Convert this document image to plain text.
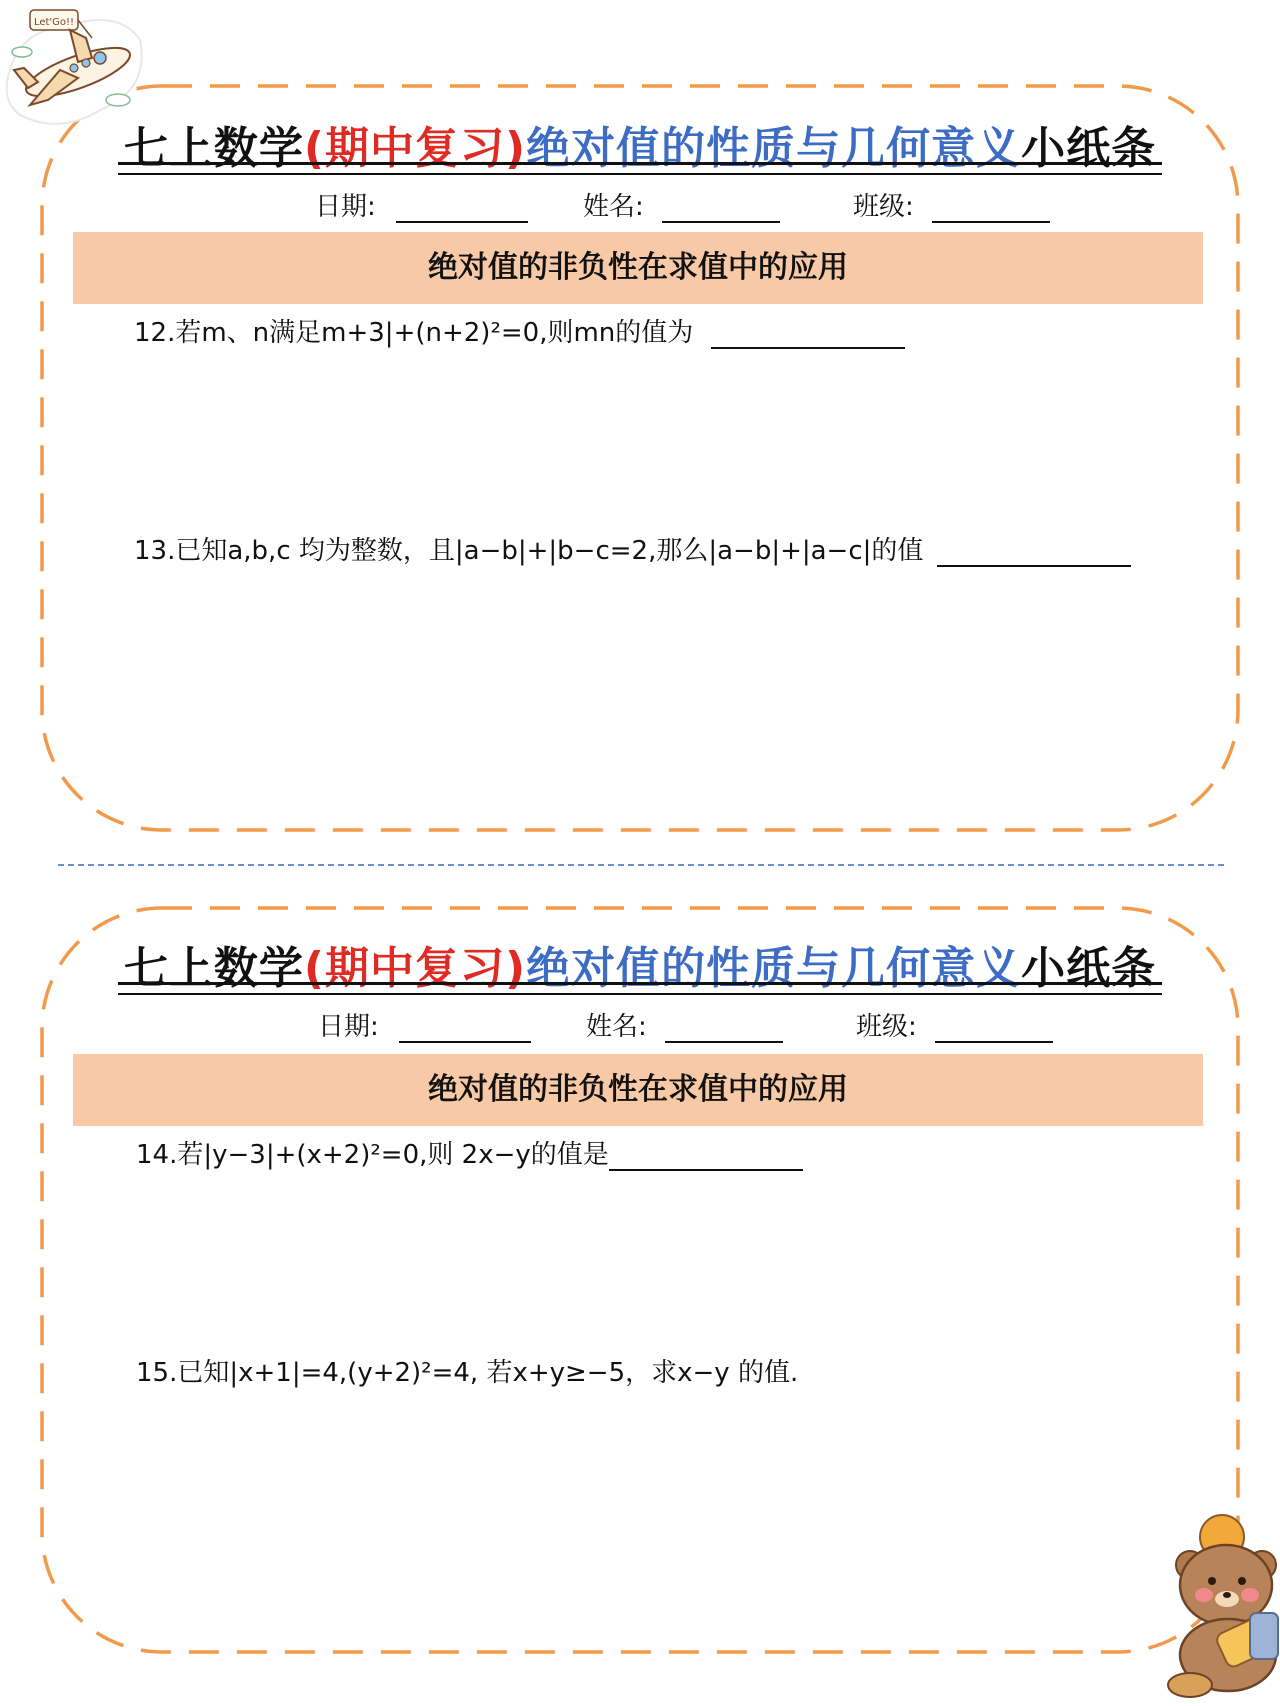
七上数学(期中复习)绝对值的性质与几何意义小纸条
日期:	姓名:	班级:
绝对值的非负性在求值中的应用
12.若m、n满足m+3|+(n+2)²=0,则mn的值为
13.已知a,b,c 均为整数，且|a−b|+|b−c=2,那么|a−b|+|a−c|的值
七上数学(期中复习)绝对值的性质与几何意义小纸条
日期:	姓名:	班级:
绝对值的非负性在求值中的应用
14.若|y−3|+(x+2)²=0,则 2x−y的值是
15.已知|x+1|=4,(y+2)²=4, 若x+y≥−5，求x−y 的值.
Let'Go!!
